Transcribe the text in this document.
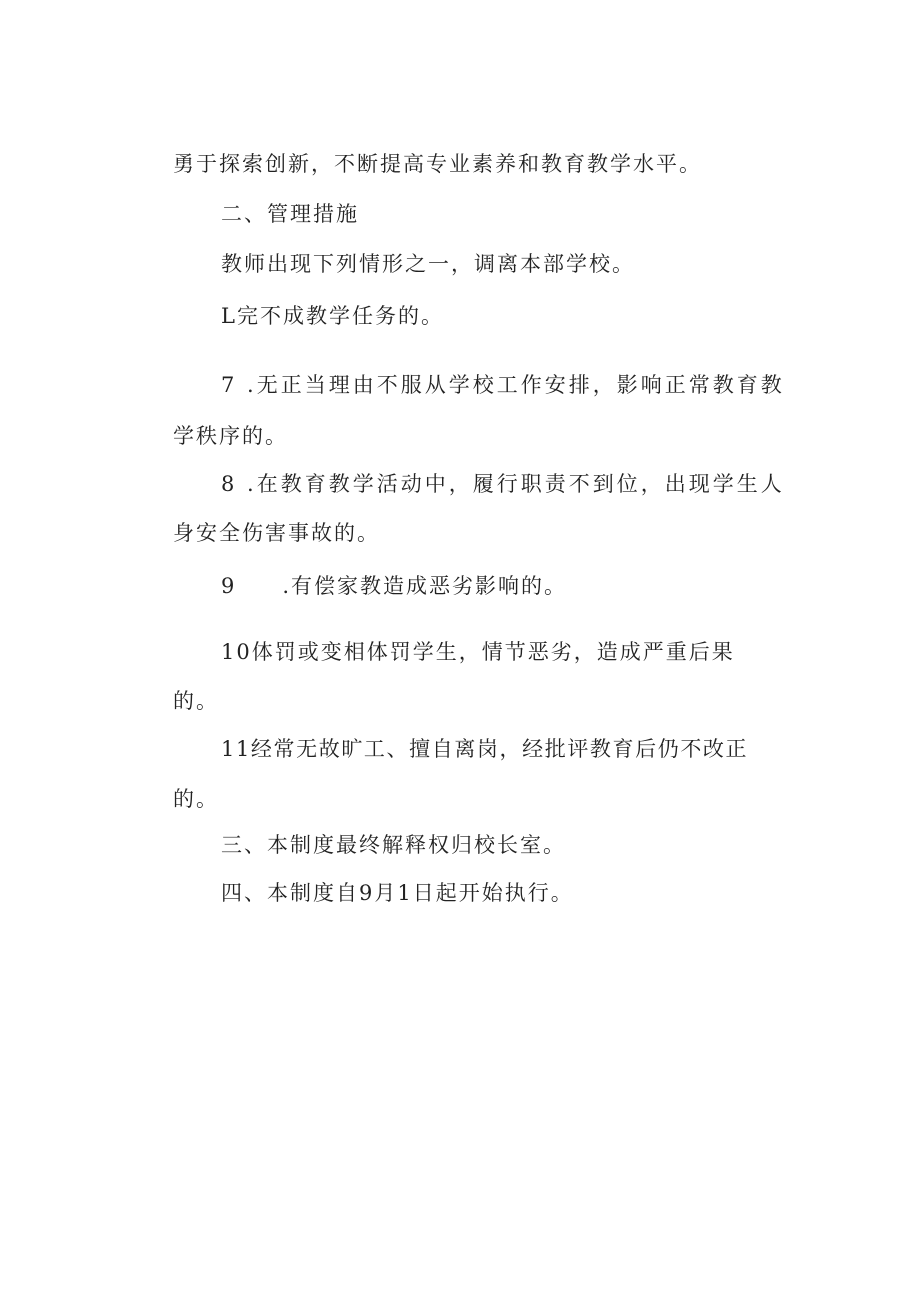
勇于探索创新，不断提高专业素养和教育教学水平。

二、管理措施

教师出现下列情形之一，调离本部学校。

L完不成教学任务的。

7 .无正当理由不服从学校工作安排，影响正常教育教

学秩序的。

8 .在教育教学活动中，履行职责不到位，出现学生人

身安全伤害事故的。

9　　.有偿家教造成恶劣影响的。

10体罚或变相体罚学生，情节恶劣，造成严重后果

的。

11经常无故旷工、擅自离岗，经批评教育后仍不改正

的。

三、本制度最终解释权归校长室。

四、本制度自9月1日起开始执行。
